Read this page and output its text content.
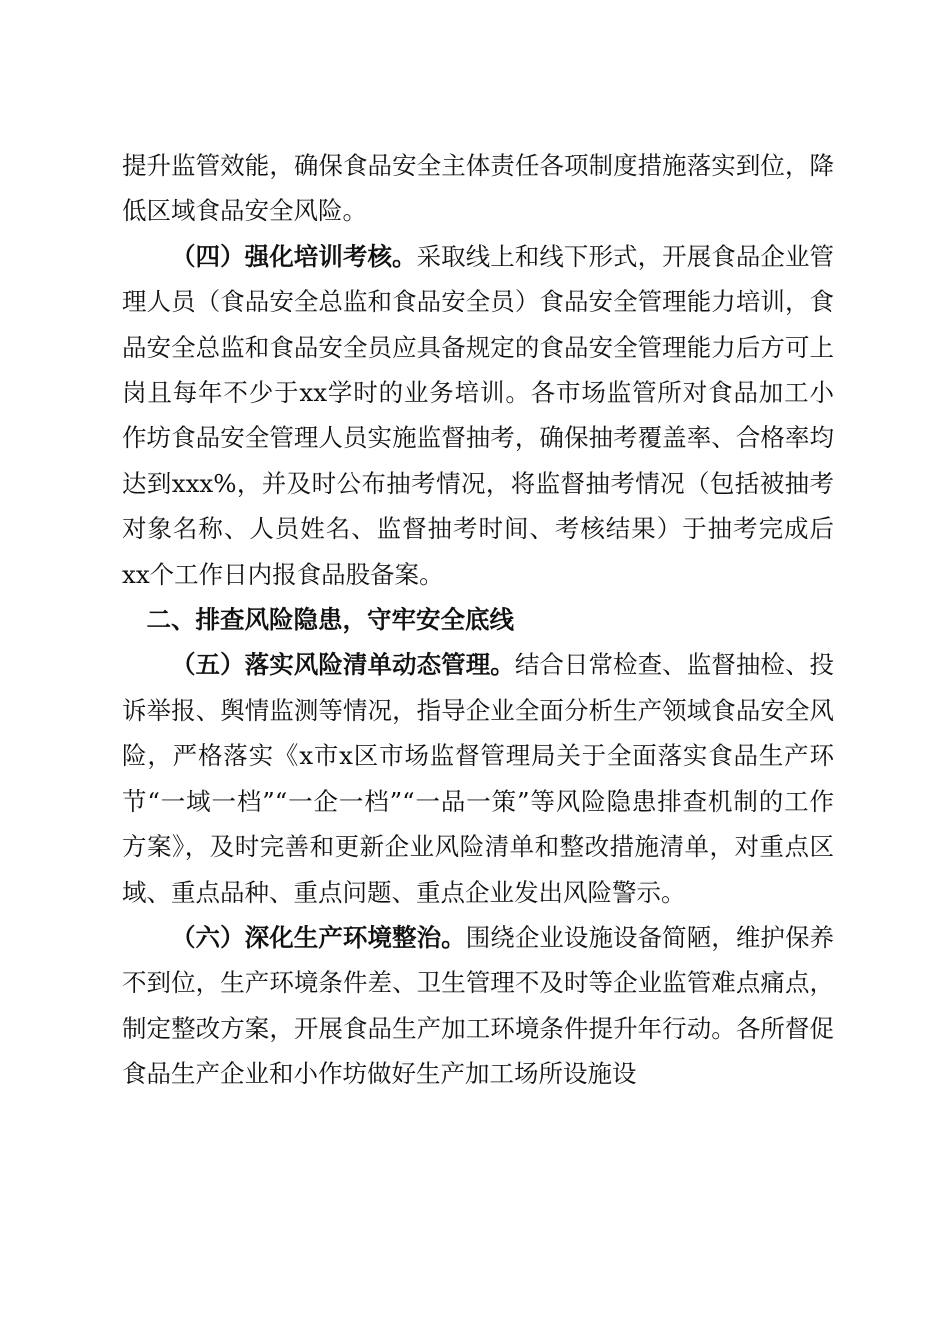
提升监管效能，确保食品安全主体责任各项制度措施落实到位，降低区域食品安全风险。

（四）强化培训考核。采取线上和线下形式，开展食品企业管理人员（食品安全总监和食品安全员）食品安全管理能力培训，食品安全总监和食品安全员应具备规定的食品安全管理能力后方可上岗且每年不少于xx学时的业务培训。各市场监管所对食品加工小作坊食品安全管理人员实施监督抽考，确保抽考覆盖率、合格率均达到xxx%，并及时公布抽考情况，将监督抽考情况（包括被抽考对象名称、人员姓名、监督抽考时间、考核结果）于抽考完成后xx个工作日内报食品股备案。

二、排查风险隐患，守牢安全底线

（五）落实风险清单动态管理。结合日常检查、监督抽检、投诉举报、舆情监测等情况，指导企业全面分析生产领域食品安全风险，严格落实《x市x区市场监督管理局关于全面落实食品生产环节“一域一档”“一企一档”“一品一策”等风险隐患排查机制的工作方案》，及时完善和更新企业风险清单和整改措施清单，对重点区域、重点品种、重点问题、重点企业发出风险警示。

（六）深化生产环境整治。围绕企业设施设备简陋，维护保养不到位，生产环境条件差、卫生管理不及时等企业监管难点痛点，制定整改方案，开展食品生产加工环境条件提升年行动。各所督促食品生产企业和小作坊做好生产加工场所设施设
